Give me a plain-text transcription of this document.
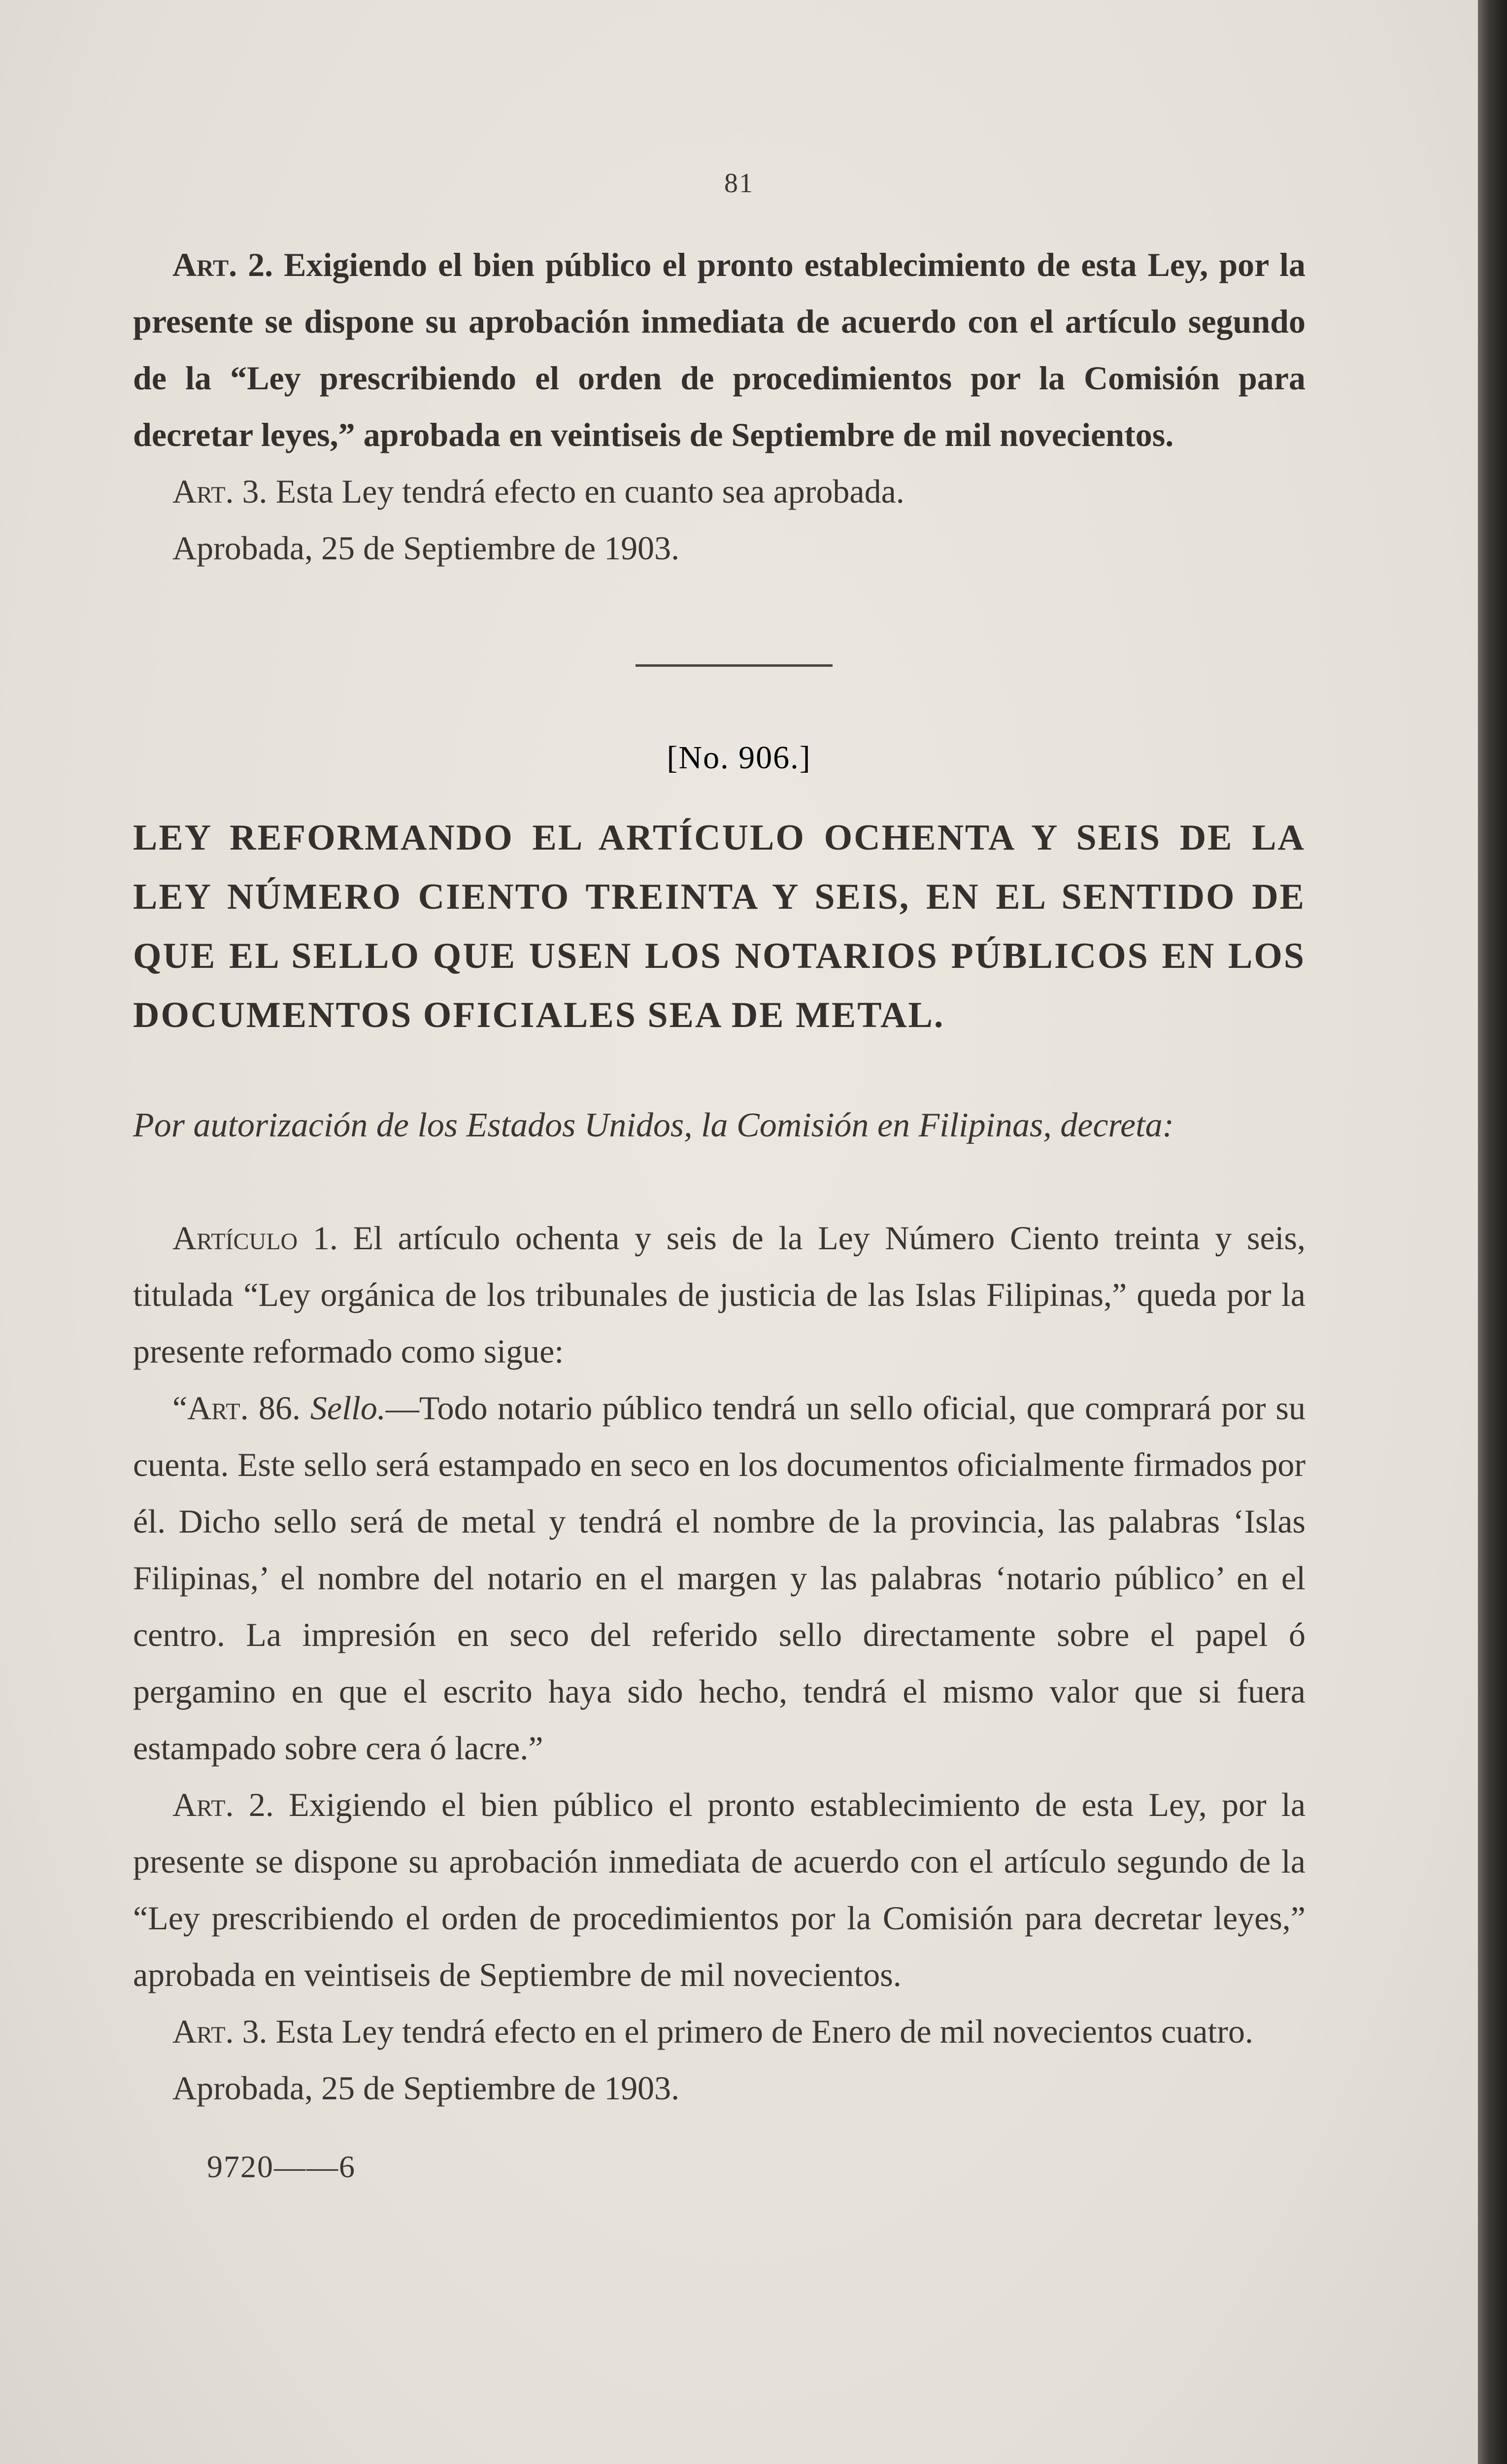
81

Art. 2. Exigiendo el bien público el pronto establecimiento de esta Ley, por la presente se dispone su aprobación inmediata de acuerdo con el artículo segundo de la “Ley prescribiendo el orden de procedimientos por la Comisión para decretar leyes,” aprobada en veintiseis de Septiembre de mil novecientos.

Art. 3. Esta Ley tendrá efecto en cuanto sea aprobada.

Aprobada, 25 de Septiembre de 1903.

[No. 906.]
LEY REFORMANDO EL ARTÍCULO OCHENTA Y SEIS DE LA LEY NÚMERO CIENTO TREINTA Y SEIS, EN EL SENTIDO DE QUE EL SELLO QUE USEN LOS NOTARIOS PÚBLICOS EN LOS DOCUMENTOS OFICIALES SEA DE METAL.
Por autorización de los Estados Unidos, la Comisión en Filipinas, decreta:

Artículo 1. El artículo ochenta y seis de la Ley Número Ciento treinta y seis, titulada “Ley orgánica de los tribunales de justicia de las Islas Filipinas,” queda por la presente reformado como sigue:

“Art. 86. Sello.—Todo notario público tendrá un sello oficial, que comprará por su cuenta. Este sello será estampado en seco en los documentos oficialmente firmados por él. Dicho sello será de metal y tendrá el nombre de la provincia, las palabras ‘Islas Filipinas,’ el nombre del notario en el margen y las palabras ‘notario público’ en el centro. La impresión en seco del referido sello directamente sobre el papel ó pergamino en que el escrito haya sido hecho, tendrá el mismo valor que si fuera estampado sobre cera ó lacre.”

Art. 2. Exigiendo el bien público el pronto establecimiento de esta Ley, por la presente se dispone su aprobación inmediata de acuerdo con el artículo segundo de la “Ley prescribiendo el orden de procedimientos por la Comisión para decretar leyes,” aprobada en veintiseis de Septiembre de mil novecientos.

Art. 3. Esta Ley tendrá efecto en el primero de Enero de mil novecientos cuatro.

Aprobada, 25 de Septiembre de 1903.

9720——6
